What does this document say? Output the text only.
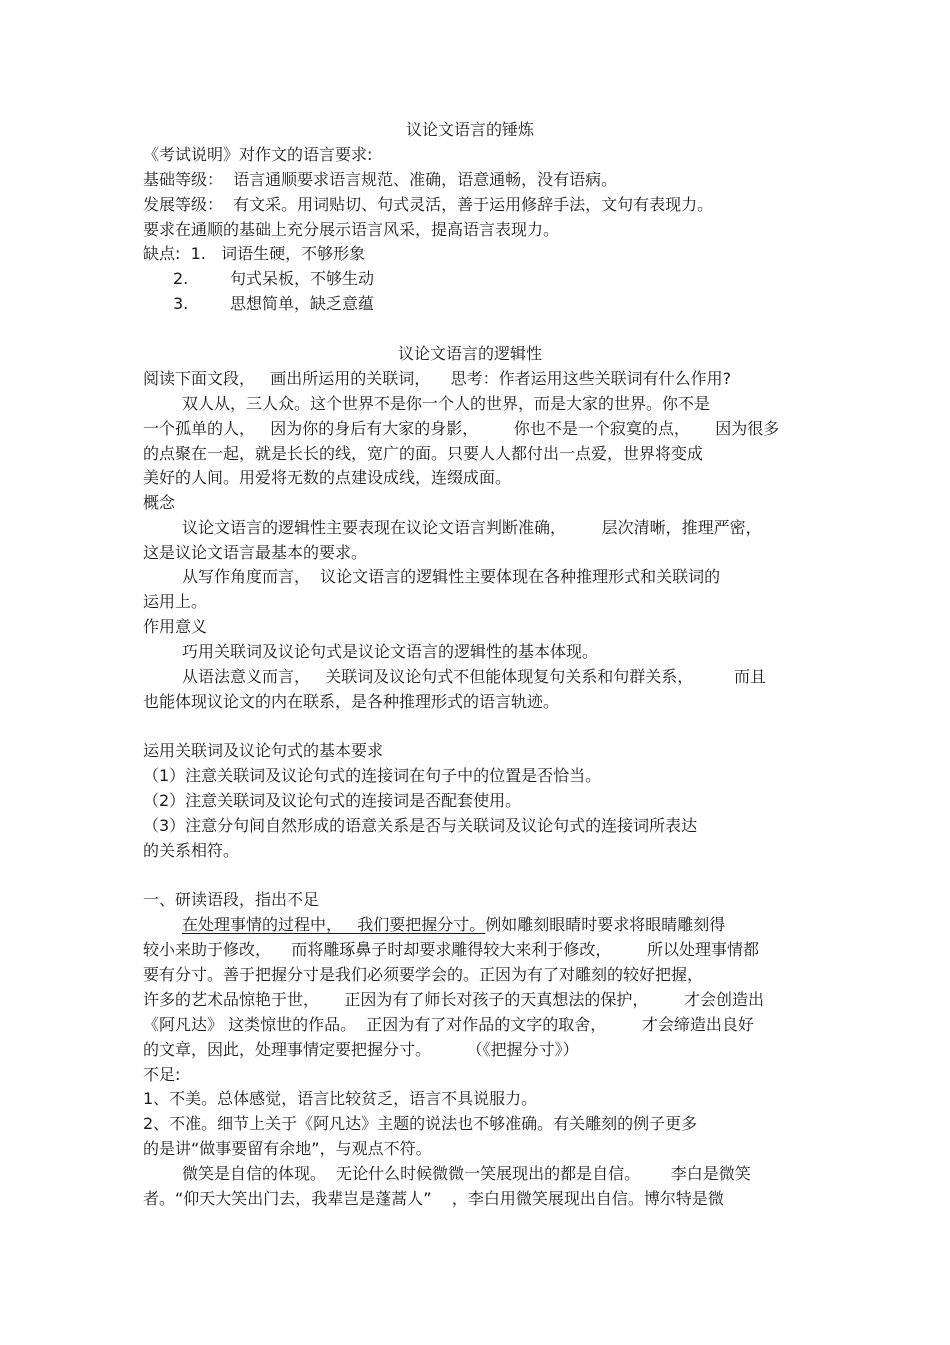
议论文语言的锤炼
《考试说明》对作文的语言要求:
基础等级：  语言通顺要求语言规范、准确，语意通畅，没有语病。
发展等级：  有文采。用词贴切、句式灵活，善于运用修辞手法，文句有表现力。
要求在通顺的基础上充分展示语言风采，提高语言表现力。
缺点:  1.   词语生硬，不够形象
2.	句式呆板，不够生动
3.	思想简单，缺乏意蕴
议论文语言的逻辑性
阅读下面文段，   画出所运用的关联词，    思考：作者运用这些关联词有什么作用?
双人从，三人众。这个世界不是你一个人的世界，而是大家的世界。你不是
一个孤单的人，   因为你的身后有大家的身影，       你也不是一个寂寞的点，     因为很多
的点聚在一起，就是长长的线，宽广的面。只要人人都付出一点爱，世界将变成
美好的人间。用爱将无数的点建设成线，连缀成面。
概念
议论文语言的逻辑性主要表现在议论文语言判断准确，       层次清晰，推理严密，
这是议论文语言最基本的要求。
从写作角度而言，  议论文语言的逻辑性主要体现在各种推理形式和关联词的
运用上。
作用意义
巧用关联词及议论句式是议论文语言的逻辑性的基本体现。
从语法意义而言，   关联词及议论句式不但能体现复句关系和句群关系，        而且
也能体现议论文的内在联系，是各种推理形式的语言轨迹。
运用关联词及议论句式的基本要求
（1）注意关联词及议论句式的连接词在句子中的位置是否恰当。
（2）注意关联词及议论句式的连接词是否配套使用。
（3）注意分句间自然形成的语意关系是否与关联词及议论句式的连接词所表达
的关系相符。
一、研读语段，指出不足
在处理事情的过程中，   我们要把握分寸。例如雕刻眼睛时要求将眼睛雕刻得
较小来助于修改，    而将雕琢鼻子时却要求雕得较大来利于修改，       所以处理事情都
要有分寸。善于把握分寸是我们必须要学会的。正因为有了对雕刻的较好把握，
许多的艺术品惊艳于世，     正因为有了师长对孩子的天真想法的保护，       才会创造出
《阿凡达》 这类惊世的作品。  正因为有了对作品的文字的取舍，       才会缔造出良好
的文章，因此，处理事情定要把握分寸。       （《把握分寸》）
不足:
1、不美。总体感觉，语言比较贫乏，语言不具说服力。
2、不准。细节上关于《阿凡达》主题的说法也不够准确。有关雕刻的例子更多
的是讲“做事要留有余地”，与观点不符。
微笑是自信的体现。  无论什么时候微微一笑展现出的都是自信。      李白是微笑
者。“仰天大笑出门去，我辈岂是蓬蒿人”    ，李白用微笑展现出自信。博尔特是微
